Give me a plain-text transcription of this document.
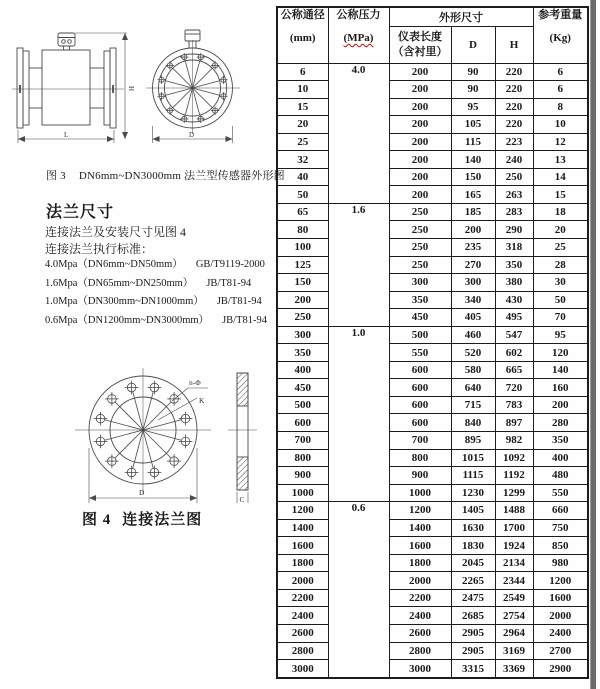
L
H
D
图 3 DN6mm~DN3000mm 法兰型传感器外形图
法兰尺寸
连接法兰及安装尺寸见图 4
连接法兰执行标准：
4.0Mpa（DN6mm~DN50mm） GB/T9119-2000
1.6Mpa（DN65mm~DN250mm） JB/T81-94
1.0Mpa（DN300mm~DN1000mm） JB/T81-94
0.6Mpa（DN1200mm~DN3000mm） JB/T81-94
n-Φ
K
D
C
图 4 连接法兰图
公称通径
(mm)	公称压力
(MPa)	外形尺寸			参考重量
(Kg)

		仪表长度
（含衬里）	D	H	
6	4.0	200	90	220	6
10		200	90	220	6
15		200	95	220	8
20		200	105	220	10
25		200	115	223	12
32		200	140	240	13
40		200	150	250	14
50		200	165	263	15
65	1.6	250	185	283	18
80		250	200	290	20
100		250	235	318	25
125		250	270	350	28
150		300	300	380	30
200		350	340	430	50
250		450	405	495	70
300	1.0	500	460	547	95
350		550	520	602	120
400		600	580	665	140
450		600	640	720	160
500		600	715	783	200
600		600	840	897	280
700		700	895	982	350
800		800	1015	1092	400
900		900	1115	1192	480
1000		1000	1230	1299	550
1200	0.6	1200	1405	1488	660
1400		1400	1630	1700	750
1600		1600	1830	1924	850
1800		1800	2045	2134	980
2000		2000	2265	2344	1200
2200		2200	2475	2549	1600
2400		2400	2685	2754	2000
2600		2600	2905	2964	2400
2800		2800	2905	3169	2700
3000		3000	3315	3369	2900
